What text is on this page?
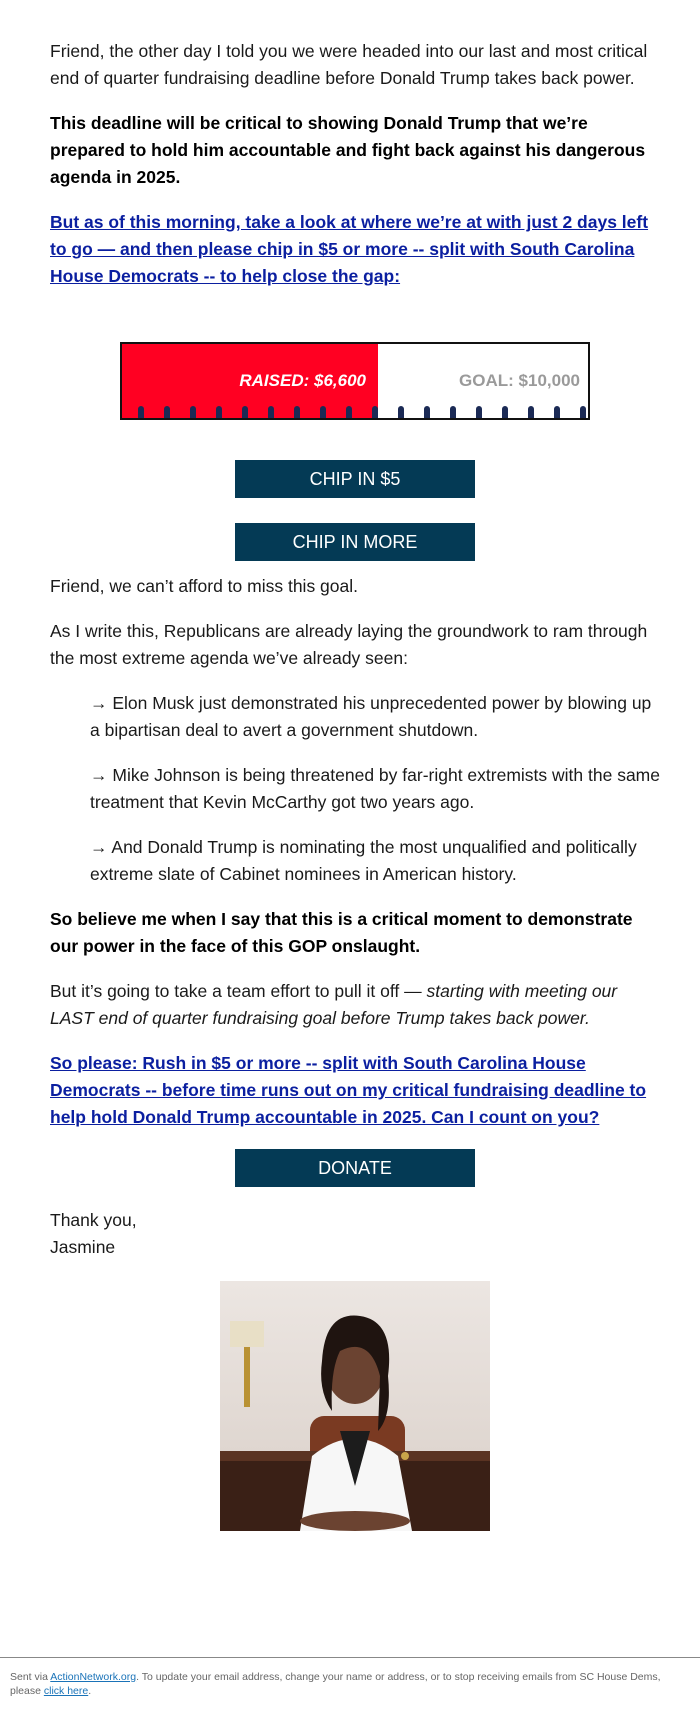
Friend, the other day I told you we were headed into our last and most critical end of quarter fundraising deadline before Donald Trump takes back power.

This deadline will be critical to showing Donald Trump that we’re prepared to hold him accountable and fight back against his dangerous agenda in 2025.

But as of this morning, take a look at where we’re at with just 2 days left to go — and then please chip in $5 or more -- split with South Carolina House Democrats -- to help close the gap:

RAISED: $6,600	GOAL: $10,000
CHIP IN $5
CHIP IN MORE

Friend, we can’t afford to miss this goal.

As I write this, Republicans are already laying the groundwork to ram through the most extreme agenda we’ve already seen:

→ Elon Musk just demonstrated his unprecedented power by blowing up a bipartisan deal to avert a government shutdown.

→ Mike Johnson is being threatened by far-right extremists with the same treatment that Kevin McCarthy got two years ago.

→ And Donald Trump is nominating the most unqualified and politically extreme slate of Cabinet nominees in American history.

So believe me when I say that this is a critical moment to demonstrate our power in the face of this GOP onslaught.

But it’s going to take a team effort to pull it off — starting with meeting our LAST end of quarter fundraising goal before Trump takes back power.

So please: Rush in $5 or more -- split with South Carolina House Democrats -- before time runs out on my critical fundraising deadline to help hold Donald Trump accountable in 2025. Can I count on you?

DONATE

Thank you,

Jasmine

Sent via ActionNetwork.org. To update your email address, change your name or address, or to stop receiving emails from SC House Dems, please click here.
